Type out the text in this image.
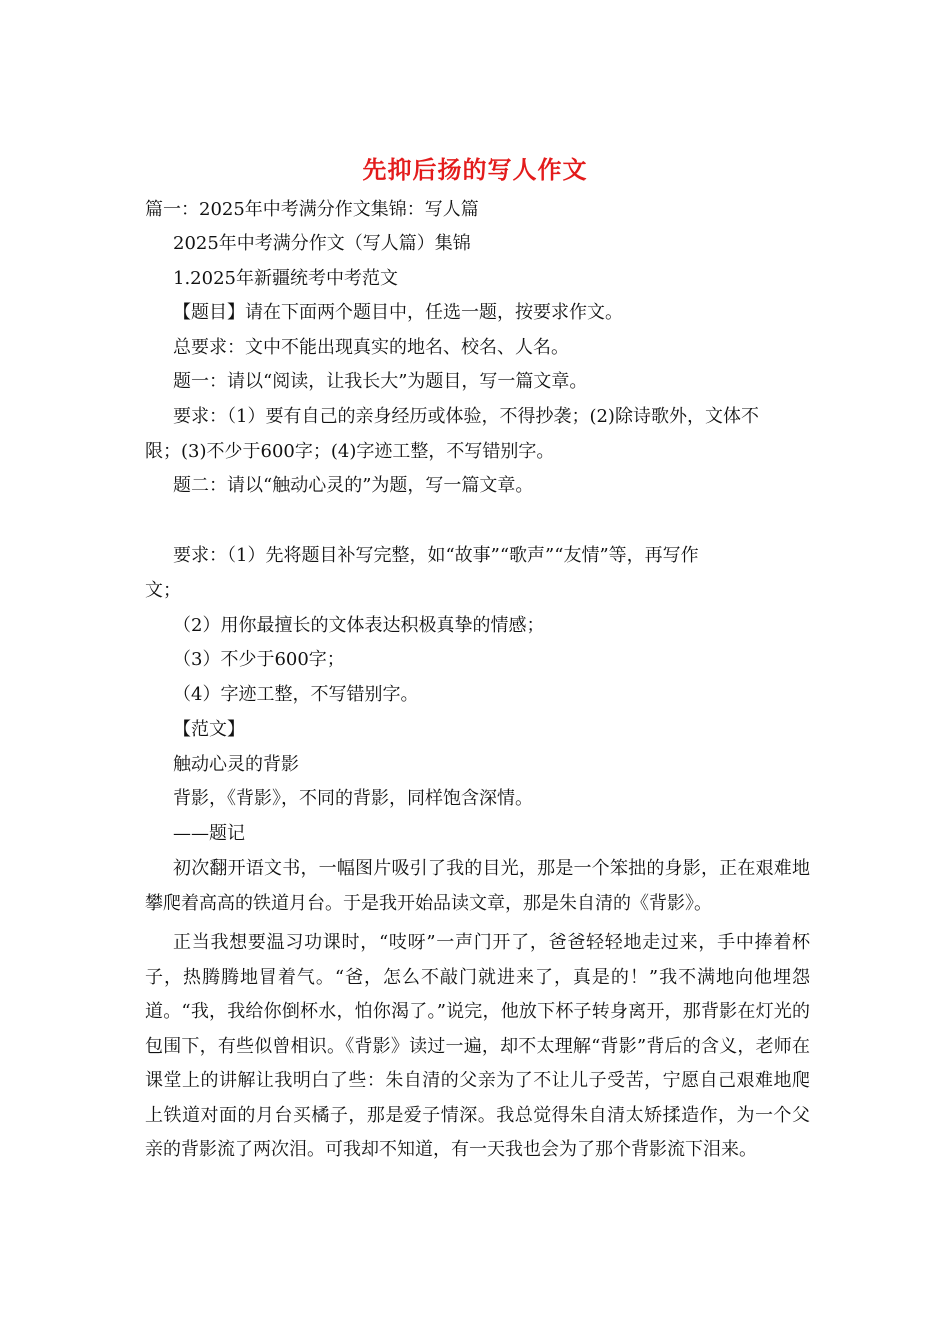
先抑后扬的写人作文
篇一：2025年中考满分作文集锦：写人篇
2025年中考满分作文（写人篇）集锦
1.2025年新疆统考中考范文
【题目】请在下面两个题目中，任选一题，按要求作文。
总要求：文中不能出现真实的地名、校名、人名。
题一：请以“阅读，让我长大”为题目，写一篇文章。
要求：（1）要有自己的亲身经历或体验，不得抄袭；(2)除诗歌外，文体不
限；(3)不少于600字；(4)字迹工整，不写错别字。
题二：请以“触动心灵的”为题，写一篇文章。
要求：（1）先将题目补写完整，如“故事”“歌声”“友情”等，再写作
文；
（2）用你最擅长的文体表达积极真挚的情感；
（3）不少于600字；
（4）字迹工整，不写错别字。
【范文】
触动心灵的背影
背影，《背影》，不同的背影，同样饱含深情。
——题记
初次翻开语文书，一幅图片吸引了我的目光，那是一个笨拙的身影，正在艰难地攀爬着高高的铁道月台。于是我开始品读文章，那是朱自清的《背影》。
正当我想要温习功课时，“吱呀”一声门开了，爸爸轻轻地走过来，手中捧着杯子，热腾腾地冒着气。“爸，怎么不敲门就进来了，真是的！”我不满地向他埋怨道。“我，我给你倒杯水，怕你渴了。”说完，他放下杯子转身离开，那背影在灯光的包围下，有些似曾相识。《背影》读过一遍，却不太理解“背影”背后的含义，老师在课堂上的讲解让我明白了些：朱自清的父亲为了不让儿子受苦，宁愿自己艰难地爬上铁道对面的月台买橘子，那是爱子情深。我总觉得朱自清太矫揉造作，为一个父亲的背影流了两次泪。可我却不知道，有一天我也会为了那个背影流下泪来。
